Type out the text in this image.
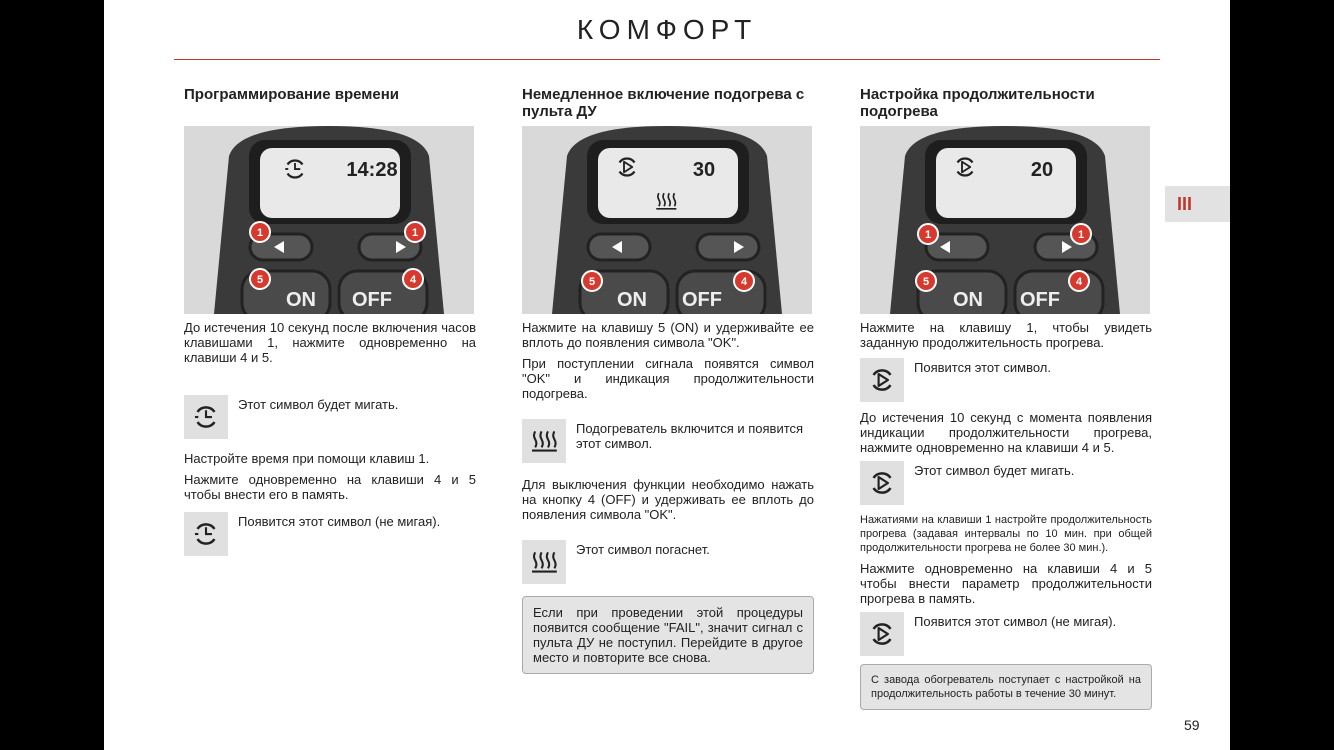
КОМФОРТ
III
59
Программирование времени
14:28
ON OFF
1	1
5	4

До истечения 10 секунд после включения часов клавишами 1, нажмите одновременно на клавиши 4 и 5.

Этот символ будет мигать.

Настройте время при помощи клавиш 1.

Нажмите одновременно на клавиши 4 и 5 чтобы внести его в память.

Появится этот символ (не мигая).
Немедленное включение подогрева с пульта ДУ
30
ON OFF
5	4

Нажмите на клавишу 5 (ON) и удерживайте ее вплоть до появления символа "OK".

При поступлении сигнала появятся символ "OK" и индикация продолжительности подогрева.

Подогреватель включится и появится этот символ.

Для выключения функции необходимо нажать на кнопку 4 (OFF) и удерживать ее вплоть до появления символа "OK".

Этот символ погаснет.
Если при проведении этой процедуры появится сообщение "FAIL", значит сигнал с пульта ДУ не поступил. Перейдите в другое место и повторите все снова.
Настройка продолжительности подогрева
20
ON OFF
1	1
5	4

Нажмите на клавишу 1, чтобы увидеть заданную продолжительность прогрева.

Появится этот символ.

До истечения 10 секунд с момента появления индикации продолжительности прогрева, нажмите одновременно на клавиши 4 и 5.

Этот символ будет мигать.

Нажатиями на клавиши 1 настройте продолжительность прогрева (задавая интервалы по 10 мин. при общей продолжительности прогрева не более 30 мин.).

Нажмите одновременно на клавиши 4 и 5 чтобы внести параметр продолжительности прогрева в память.

Появится этот символ (не мигая).
С завода обогреватель поступает с настройкой на продолжительность работы в течение 30 минут.
